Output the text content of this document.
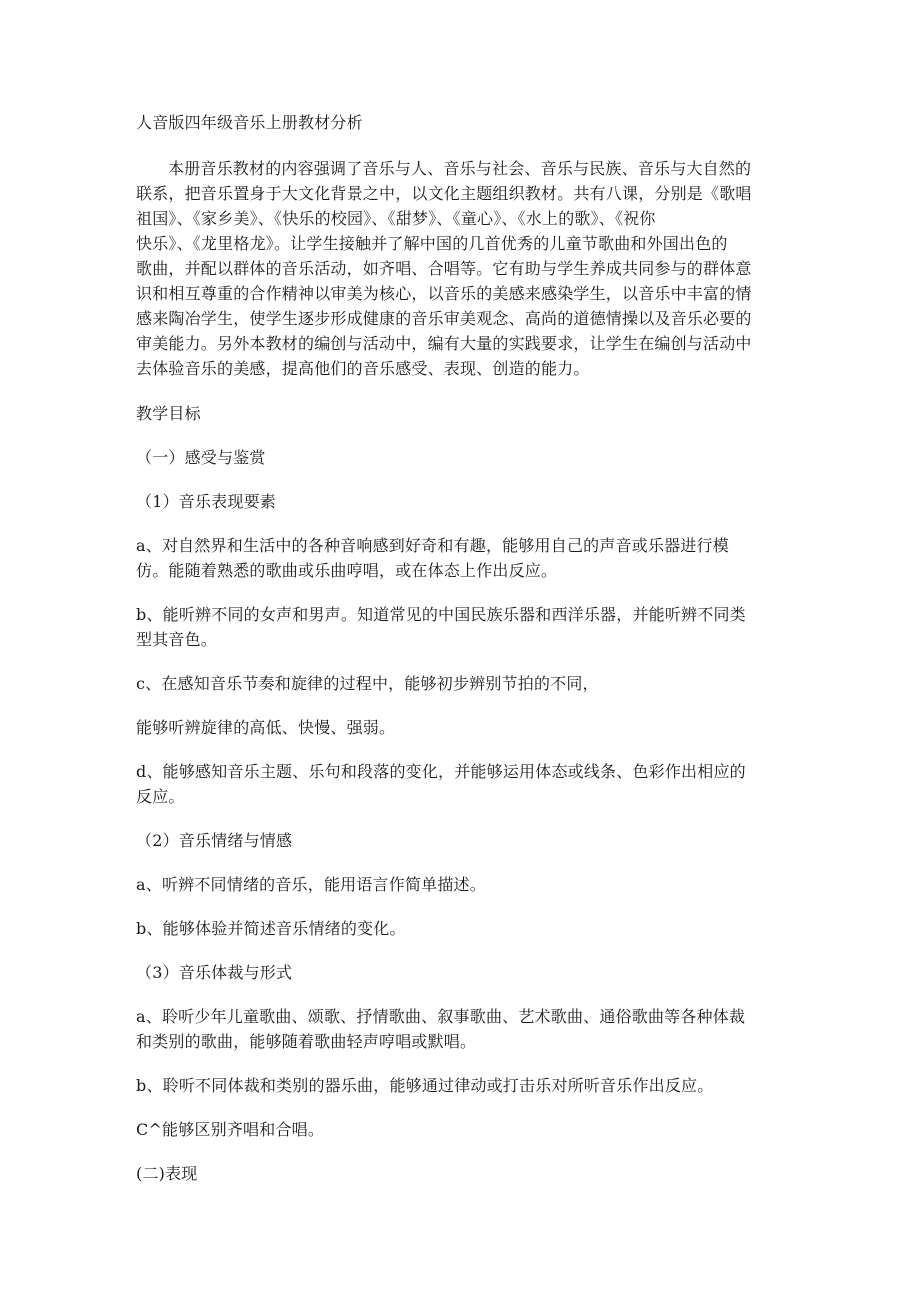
人音版四年级音乐上册教材分析
本册音乐教材的内容强调了音乐与人、音乐与社会、音乐与民族、音乐与大自然的
联系，把音乐置身于大文化背景之中，以文化主题组织教材。共有八课，分别是《歌唱
祖国》、《家乡美》、《快乐的校园》、《甜梦》、《童心》、《水上的歌》、《祝你
快乐》、《龙里格龙》。让学生接触并了解中国的几首优秀的儿童节歌曲和外国出色的
歌曲，并配以群体的音乐活动，如齐唱、合唱等。它有助与学生养成共同参与的群体意
识和相互尊重的合作精神以审美为核心，以音乐的美感来感染学生，以音乐中丰富的情
感来陶冶学生，使学生逐步形成健康的音乐审美观念、高尚的道德情操以及音乐必要的
审美能力。另外本教材的编创与活动中，编有大量的实践要求，让学生在编创与活动中
去体验音乐的美感，提高他们的音乐感受、表现、创造的能力。
教学目标
（一）感受与鉴赏
（1）音乐表现要素
a、对自然界和生活中的各种音响感到好奇和有趣，能够用自己的声音或乐器进行模
仿。能随着熟悉的歌曲或乐曲哼唱，或在体态上作出反应。
b、能听辨不同的女声和男声。知道常见的中国民族乐器和西洋乐器，并能听辨不同类
型其音色。
c、在感知音乐节奏和旋律的过程中，能够初步辨别节拍的不同，
能够听辨旋律的高低、快慢、强弱。
d、能够感知音乐主题、乐句和段落的变化，并能够运用体态或线条、色彩作出相应的
反应。
（2）音乐情绪与情感
a、听辨不同情绪的音乐，能用语言作简单描述。
b、能够体验并简述音乐情绪的变化。
（3）音乐体裁与形式
a、聆听少年儿童歌曲、颂歌、抒情歌曲、叙事歌曲、艺术歌曲、通俗歌曲等各种体裁
和类别的歌曲，能够随着歌曲轻声哼唱或默唱。
b、聆听不同体裁和类别的器乐曲，能够通过律动或打击乐对所听音乐作出反应。
C^能够区别齐唱和合唱。
(二)表现
